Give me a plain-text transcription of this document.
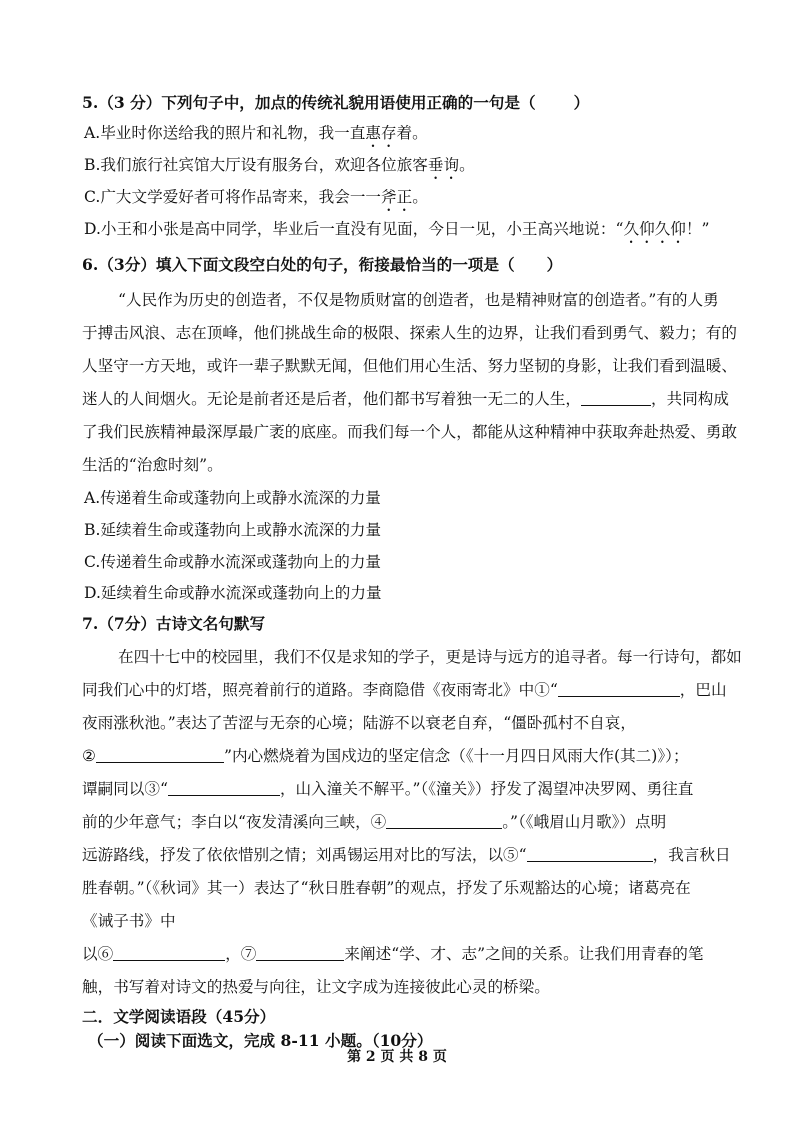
5.（3 分）下列句子中，加点的传统礼貌用语使用正确的一句是（ ）
A.毕业时你送给我的照片和礼物，我一直惠存着。
B.我们旅行社宾馆大厅设有服务台，欢迎各位旅客垂询。
C.广大文学爱好者可将作品寄来，我会一一斧正。
D.小王和小张是高中同学，毕业后一直没有见面，今日一见，小王高兴地说：“久仰久仰！”
6.（3分）填入下面文段空白处的句子，衔接最恰当的一项是（ ）
“人民作为历史的创造者，不仅是物质财富的创造者，也是精神财富的创造者。”有的人勇
于搏击风浪、志在顶峰，他们挑战生命的极限、探索人生的边界，让我们看到勇气、毅力；有的
人坚守一方天地，或许一辈子默默无闻，但他们用心生活、努力坚韧的身影，让我们看到温暖、
迷人的人间烟火。无论是前者还是后者，他们都书写着独一无二的人生，	，共同构成
了我们民族精神最深厚最广袤的底座。而我们每一个人，都能从这种精神中获取奔赴热爱、勇敢
生活的“治愈时刻”。
A.传递着生命或蓬勃向上或静水流深的力量
B.延续着生命或蓬勃向上或静水流深的力量
C.传递着生命或静水流深或蓬勃向上的力量
D.延续着生命或静水流深或蓬勃向上的力量
7.（7分）古诗文名句默写
在四十七中的校园里，我们不仅是求知的学子，更是诗与远方的追寻者。每一行诗句，都如
同我们心中的灯塔，照亮着前行的道路。李商隐借《夜雨寄北》中①“	，巴山
夜雨涨秋池。”表达了苦涩与无奈的心境；陆游不以衰老自弃，“僵卧孤村不自哀，
②	”内心燃烧着为国戍边的坚定信念（《十一月四日风雨大作(其二)》）；
谭嗣同以③“	，山入潼关不解平。”（《潼关》）抒发了渴望冲决罗网、勇往直
前的少年意气；李白以“夜发清溪向三峡，④	。”（《峨眉山月歌》）点明
远游路线，抒发了依依惜别之情；刘禹锡运用对比的写法，以⑤“	，我言秋日
胜春朝。”（《秋词》其一）表达了“秋日胜春朝”的观点，抒发了乐观豁达的心境；诸葛亮在
《诫子书》中
以⑥	，⑦	来阐述“学、才、志”之间的关系。让我们用青春的笔
触，书写着对诗文的热爱与向往，让文字成为连接彼此心灵的桥梁。
二．文学阅读语段（45分）
（一）阅读下面选文，完成 8-11 小题。（10分）
第 2 页 共 8 页
